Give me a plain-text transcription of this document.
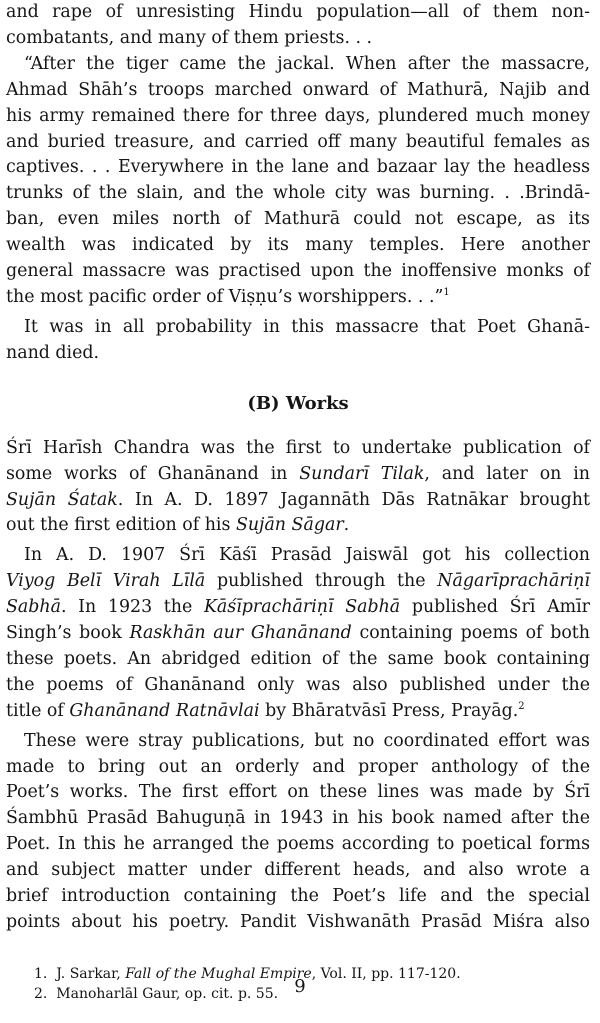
and rape of unresisting Hindu population—all of them non-
combatants, and many of them priests. . .
“After the tiger came the jackal. When after the massacre,
Ahmad Shāh’s troops marched onward of Mathurā, Najib and
his army remained there for three days, plundered much money
and buried treasure, and carried off many beautiful females as
captives. . . Everywhere in the lane and bazaar lay the headless
trunks of the slain, and the whole city was burning. . .Brindā-
ban, even miles north of Mathurā could not escape, as its
wealth was indicated by its many temples. Here another
general massacre was practised upon the inoffensive monks of
the most pacific order of Viṣṇu’s worshippers. . .”$^1$
It was in all probability in this massacre that Poet Ghanā-
nand died.
(B) Works
Śrī Harīsh Chandra was the first to undertake publication of
some works of Ghanānand in Sundarī Tilak, and later on in
Sujān Śatak. In A. D. 1897 Jagannāth Dās Ratnākar brought
out the first edition of his Sujān Sāgar.
In A. D. 1907 Śrī Kāśī Prasād Jaiswāl got his collection
Viyog Belī Virah Līlā published through the Nāgarīprachāriṇī
Sabhā. In 1923 the Kāśīprachāriṇī Sabhā published Śrī Amīr
Singh’s book Raskhān aur Ghanānand containing poems of both
these poets. An abridged edition of the same book containing
the poems of Ghanānand only was also published under the
title of Ghanānand Ratnāvlai by Bhāratvāsī Press, Prayāg.$^2$
These were stray publications, but no coordinated effort was
made to bring out an orderly and proper anthology of the
Poet’s works. The first effort on these lines was made by Śrī
Śambhū Prasād Bahuguṇā in 1943 in his book named after the
Poet. In this he arranged the poems according to poetical forms
and subject matter under different heads, and also wrote a
brief introduction containing the Poet’s life and the special
points about his poetry. Pandit Vishwanāth Prasād Miśra also
1. J. Sarkar, Fall of the Mughal Empire, Vol. II, pp. 117-120.
2. Manoharlāl Gaur, op. cit. p. 55. 9
